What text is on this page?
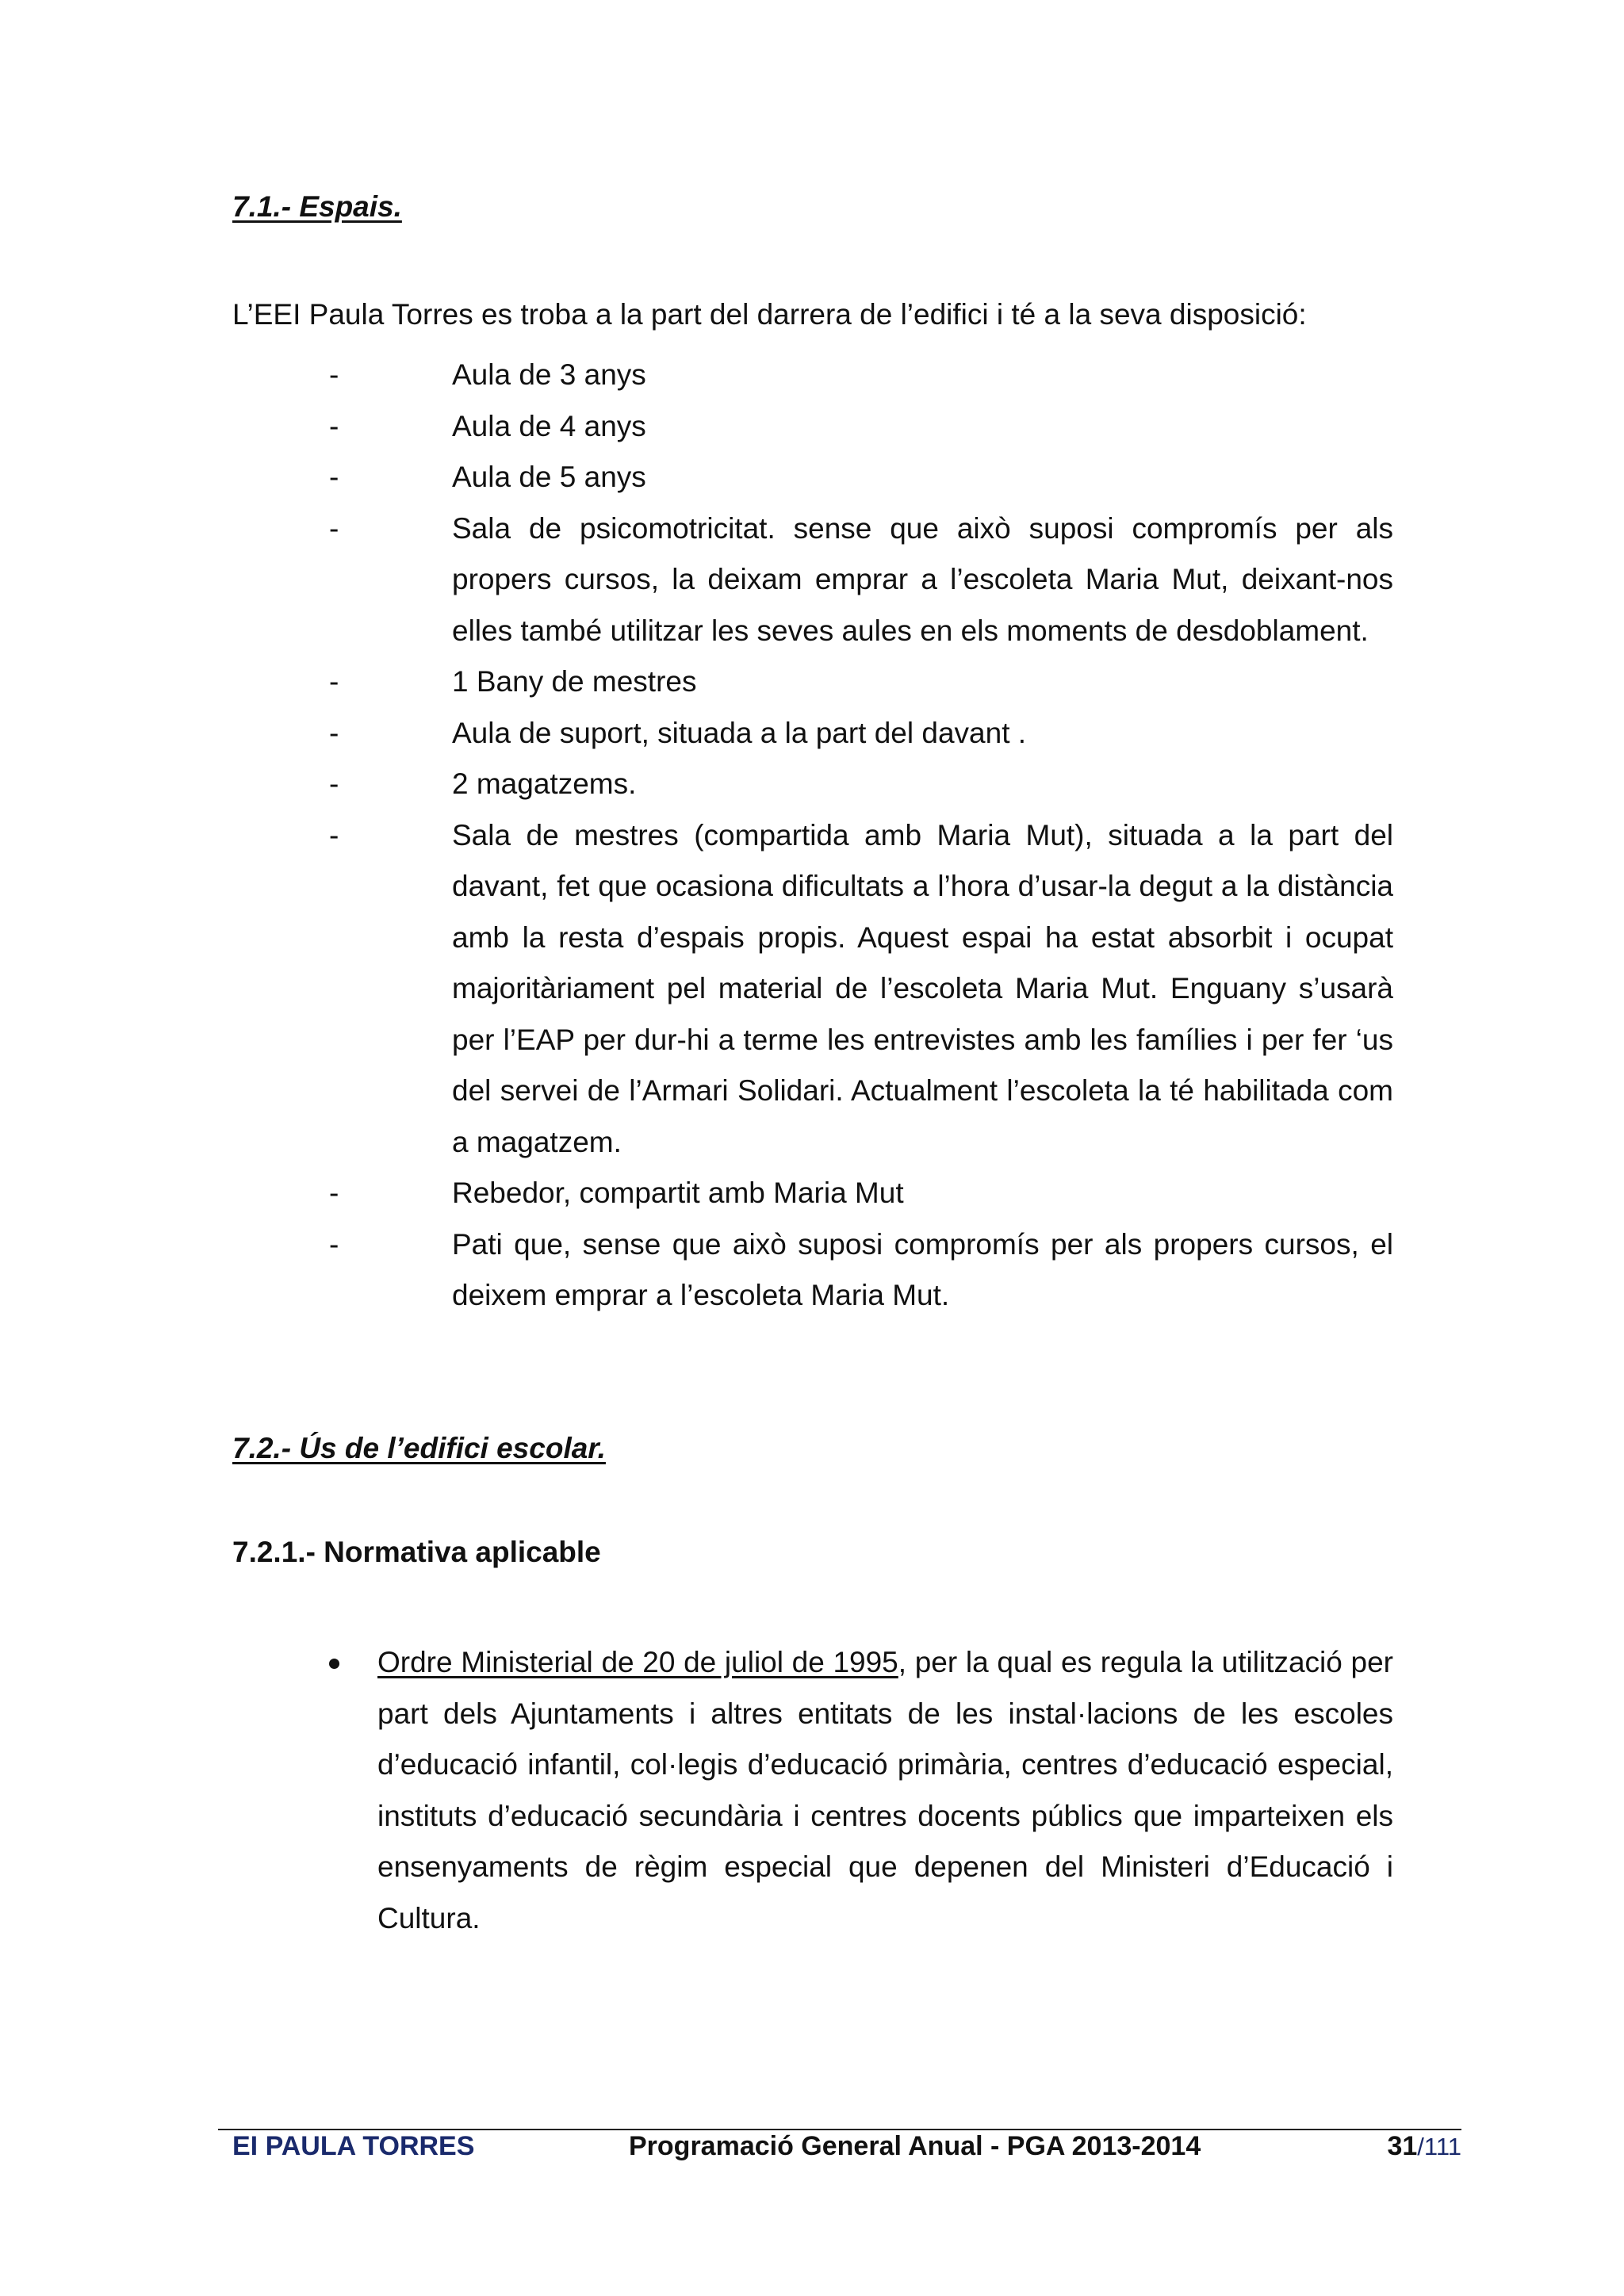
7.1.- Espais.

L’EEI Paula Torres es troba a la part del darrera de l’edifici i té a la seva disposició:

-	Aula de 3 anys
-	Aula de 4 anys
-	Aula de 5 anys
-	Sala de psicomotricitat. sense que això suposi compromís per als propers cursos, la deixam emprar a l’escoleta Maria Mut, deixant-nos elles també utilitzar les seves aules en els moments de desdoblament.
-	1 Bany de mestres
-	Aula de suport, situada a la part del davant .
-	2 magatzems.
-	Sala de mestres (compartida amb Maria Mut), situada a la part del davant, fet que ocasiona dificultats a l’hora d’usar-la degut a la distància amb la resta d’espais propis. Aquest espai ha estat absorbit i ocupat majoritàriament pel material de l’escoleta Maria Mut. Enguany s’usarà per l’EAP per dur-hi a terme les entrevistes amb les famílies i per fer ‘us del servei de l’Armari Solidari. Actualment l’escoleta la té habilitada com a magatzem.
-	Rebedor, compartit amb Maria Mut
-	Pati que, sense que això suposi compromís per als propers cursos, el deixem emprar a l’escoleta Maria Mut.
7.2.- Ús de l’edifici escolar.
7.2.1.- Normativa aplicable
Ordre Ministerial de 20 de juliol de 1995, per la qual es regula la utilització per part dels Ajuntaments i altres entitats de les instal·lacions de les escoles d’educació infantil, col·legis d’educació primària, centres d’educació especial, instituts d’educació secundària i centres docents públics que imparteixen els ensenyaments de règim especial que depenen del Ministeri d’Educació i Cultura.
EI PAULA TORRES	Programació General Anual - PGA 2013-2014	31/111
